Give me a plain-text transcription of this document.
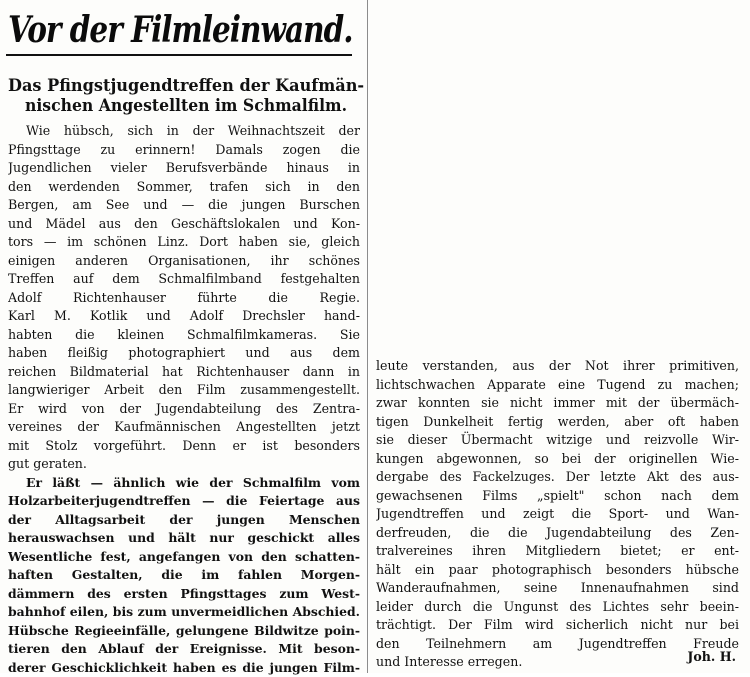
Vor der Filmleinwand.
Das Pfingstjugendtreffen der Kaufmän-
nischen Angestellten im Schmalfilm.
Wie hübsch, sich in der Weihnachtszeit der
Pfingsttage zu erinnern! Damals zogen die
Jugendlichen vieler Berufsverbände hinaus in
den werdenden Sommer, trafen sich in den
Bergen, am See und — die jungen Burschen
und Mädel aus den Geschäftslokalen und Kon-
tors — im schönen Linz. Dort haben sie, gleich
einigen anderen Organisationen, ihr schönes
Treffen auf dem Schmalfilmband festgehalten
Adolf Richtenhauser führte die Regie.
Karl M. Kotlik und Adolf Drechsler hand-
habten die kleinen Schmalfilmkameras. Sie
haben fleißig photographiert und aus dem
reichen Bildmaterial hat Richtenhauser dann in
langwieriger Arbeit den Film zusammengestellt.
Er wird von der Jugendabteilung des Zentra-
vereines der Kaufmännischen Angestellten jetzt
mit Stolz vorgeführt. Denn er ist besonders
gut geraten.
Er läßt — ähnlich wie der Schmalfilm vom
Holzarbeiterjugendtreffen — die Feiertage aus
der Alltagsarbeit der jungen Menschen
herauswachsen und hält nur geschickt alles
Wesentliche fest, angefangen von den schatten-
haften Gestalten, die im fahlen Morgen-
dämmern des ersten Pfingsttages zum West-
bahnhof eilen, bis zum unvermeidlichen Abschied.
Hübsche Regieeinfälle, gelungene Bildwitze poin-
tieren den Ablauf der Ereignisse. Mit beson-
derer Geschicklichkeit haben es die jungen Film-
leute verstanden, aus der Not ihrer primitiven,
lichtschwachen Apparate eine Tugend zu machen;
zwar konnten sie nicht immer mit der übermäch-
tigen Dunkelheit fertig werden, aber oft haben
sie dieser Übermacht witzige und reizvolle Wir-
kungen abgewonnen, so bei der originellen Wie-
dergabe des Fackelzuges. Der letzte Akt des aus-
gewachsenen Films „spielt" schon nach dem
Jugendtreffen und zeigt die Sport- und Wan-
derfreuden, die die Jugendabteilung des Zen-
tralvereines ihren Mitgliedern bietet; er ent-
hält ein paar photographisch besonders hübsche
Wanderaufnahmen, seine Innenaufnahmen sind
leider durch die Ungunst des Lichtes sehr beein-
trächtigt. Der Film wird sicherlich nicht nur bei
den Teilnehmern am Jugendtreffen Freude
und Interesse erregen.	Joh. H.
